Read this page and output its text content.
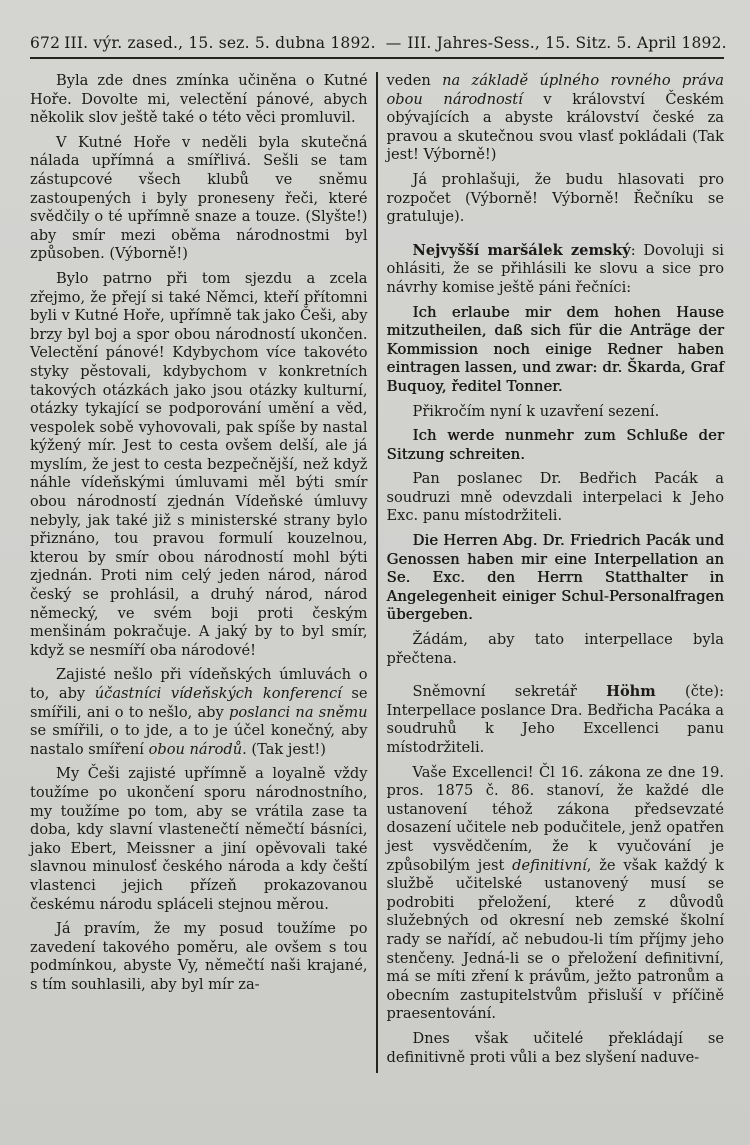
672 III. výr. zased., 15. sez. 5. dubna 1892. — III. Jahres-Sess., 15. Sitz. 5. April 1892.

Byla zde dnes zmínka učiněna o Kutné Hoře. Dovolte mi, velectění pánové, abych několik slov ještě také o této věci promluvil.

V Kutné Hoře v neděli byla skutečná nálada upřímná a smířlivá. Sešli se tam zástupcové všech klubů ve sněmu zastoupených i byly proneseny řeči, které svědčily o té upřímně snaze a touze. (Slyšte!) aby smír mezi oběma národnostmi byl způsoben. (Výborně!)

Bylo patrno při tom sjezdu a zcela zřejmo, že přejí si také Němci, kteří přítomni byli v Kutné Hoře, upřímně tak jako Češi, aby brzy byl boj a spor obou národností ukončen. Velectění pánové! Kdybychom více takovéto styky pěstovali, kdybychom v konkretních takových otázkách jako jsou otázky kulturní, otázky tykající se podporování umění a věd, vespolek sobě vyhovovali, pak spíše by nastal kýžený mír. Jest to cesta ovšem delší, ale já myslím, že jest to cesta bezpečnější, než když náhle vídeňskými úmluvami měl býti smír obou národností zjednán Vídeňské úmluvy nebyly, jak také již s ministerské strany bylo přiznáno, tou pravou formulí kouzelnou, kterou by smír obou národností mohl býti zjednán. Proti nim celý jeden národ, národ český se prohlásil, a druhý národ, národ německý, ve svém boji proti českým menšinám pokračuje. A jaký by to byl smír, když se nesmíří oba národové!

Zajisté nešlo při vídeňských úmluvách o to, aby účastníci vídeňských konferencí se smířili, ani o to nešlo, aby poslanci na sněmu se smířili, o to jde, a to je účel konečný, aby nastalo smíření obou národů. (Tak jest!)

My Češi zajisté upřímně a loyalně vždy toužíme po ukončení sporu národnostního, my toužíme po tom, aby se vrátila zase ta doba, kdy slavní vlastenečtí němečtí básníci, jako Ebert, Meissner a jiní opěvovali také slavnou minulosť českého národa a kdy čeští vlastenci jejich přízeň prokazovanou českému národu spláceli stejnou měrou.

Já pravím, že my posud toužíme po zavedení takového poměru, ale ovšem s tou podmínkou, abyste Vy, němečtí naši krajané, s tím souhlasili, aby byl mír za-

veden na základě úplného rovného práva obou národností v království Českém obývajících a abyste království české za pravou a skutečnou svou vlasť pokládali (Tak jest! Výborně!)

Já prohlašuji, že budu hlasovati pro rozpočet (Výborně! Výborně! Řečníku se gratuluje).

Nejvyšší maršálek zemský: Dovoluji si ohlásiti, že se přihlásili ke slovu a sice pro návrhy komise ještě páni řečníci:

Ich erlaube mir dem hohen Hause mitzutheilen, daß sich für die Anträge der Kommission noch einige Redner haben eintragen lassen, und zwar: dr. Škarda, Graf Buquoy, ředitel Tonner.

Přikročím nyní k uzavření sezení.

Ich werde nunmehr zum Schluße der Sitzung schreiten.

Pan poslanec Dr. Bedřich Pacák a soudruzi mně odevzdali interpelaci k Jeho Exc. panu místodržiteli.

Die Herren Abg. Dr. Friedrich Pacák und Genossen haben mir eine Interpellation an Se. Exc. den Herrn Statthalter in Angelegenheit einiger Schul-Personalfragen übergeben.

Žádám, aby tato interpellace byla přečtena.

Sněmovní sekretář Höhm (čte): Interpellace poslance Dra. Bedřicha Pacáka a soudruhů k Jeho Excellenci panu místodržiteli.

Vaše Excellenci! Čl 16. zákona ze dne 19. pros. 1875 č. 86. stanoví, že každé dle ustanovení téhož zákona předsevzaté dosazení učitele neb podučitele, jenž opatřen jest vysvědčením, že k vyučování je způsobilým jest definitivní, že však každý k službě učitelské ustanovený musí se podrobiti přeložení, které z důvodů služebných od okresní neb zemské školní rady se nařídí, ač nebudou-li tím příjmy jeho stenčeny. Jedná-li se o přeložení definitivní, má se míti zření k právům, ježto patronům a obecním zastupitelstvům přisluší v příčině praesentování.

Dnes však učitelé překládají se definitivně proti vůli a bez slyšení naduve-
